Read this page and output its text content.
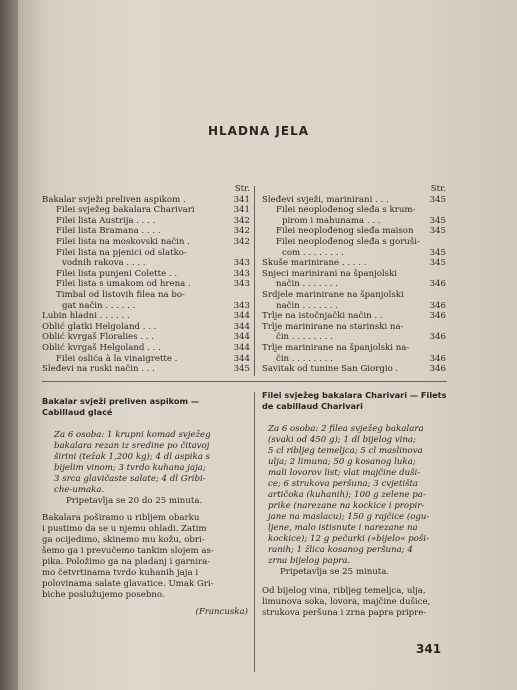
HLADNA JELA
Str.
Bakalar svježi preliven aspikom .	341
Filei svježeg bakalara Charivari	341
Filei lista Austrija . . . .	342
Filei lista Bramana . . . .	342
Filei lista na moskovski način .	342
Filei lista na pjenici od slatko-
vodnih rakova . . . .	343
Filei lista punjeni Colette . .	343
Filei lista s umakom od hrena .	343
Timbal od listovih filea na bo-
gat način . . . . . .	343
Lubin hladni . . . . . .	344
Oblić glatki Helgoland . . .	344
Oblić kvrgaš Floralies . . .	344
Oblić kvrgaš Helgoland . . .	344
Filei oslića à la vinaigrette .	344
Sleđevi na ruski način . . .	345
Str.
Sleđevi svježi, marinirani . . .	345
Filei neoplođenog sleđa s krum-
pirom i mahunama . . .	345
Filei neoplođenog sleđa maison	345
Filei neoplođenog sleđa s goruši-
com . . . . . . . .	345
Skuše marinirane . . . . .	345
Snjeci marinirani na španjolski
način . . . . . . .	346
Srdjele marinirane na španjolski
način . . . . . . .	346
Trlje na istočnjački način . .	346
Trlje marinirane na starinski na-
čin . . . . . . . .	346
Trlje marinirane na španjolski na-
čin . . . . . . . .	346
Savitak od tunine San Giorgio .	346
Bakalar svježi preliven aspikom —
Cabillaud glacé
Za 6 osoba: 1 krupni komad svježeg
bakalara rezan iz sredine po čitavoj
širini (težak 1,200 kg); 4 dl aspika s
bijelim vinom; 3 tvrdo kuhana jaja;
3 srca glavičaste salate; 4 dl Gribi-
che-umaka.
Pripetavlja se 20 do 25 minuta.
Bakalara poširamo u ribljem obarku
i pustimo da se u njemu ohladi. Zatim
ga ocijedimo, skinemo mu kožu, obri-
šemo ga i prevučemo tankim slojem as-
pika. Položimo ga na pladanj i garnira-
mo četvrtinama tvrdo kuhanih jaja i
polovinama salate glavatice. Umak Gri-
biche poslužujemo posebno.
(Francuska)
Filei svježeg bakalara Charivari — Filets
de cabillaud Charivari
Za 6 osoba: 2 filea svježeg bakalara
(svaki od 450 g); 1 dl bijelog vina;
5 cl ribljeg temeljca; 5 cl maslinova
ulja; 2 limuna; 50 g kosanog luka;
mali lovorov list; vlat majčine duši-
ce; 6 strukova peršuna; 3 cvjetišta
artičoka (kuhanih); 100 g zelene pa-
prike (narezane na kockice i propir-
jane na maslacu); 150 g rajčice (ogu-
ljene, malo istisnute i narezane na
kockice); 12 g pečurki (»bijelo« poši-
ranih; 1 žlica kosanog peršuna; 4
zrna bijelog papra.
Pripetavlja se 25 minuta.
Od bijelog vina, ribljeg temeljca, ulja,
limunova soka, lovora, majčine dušice,
strukova peršuna i zrna papra pripre-
341
